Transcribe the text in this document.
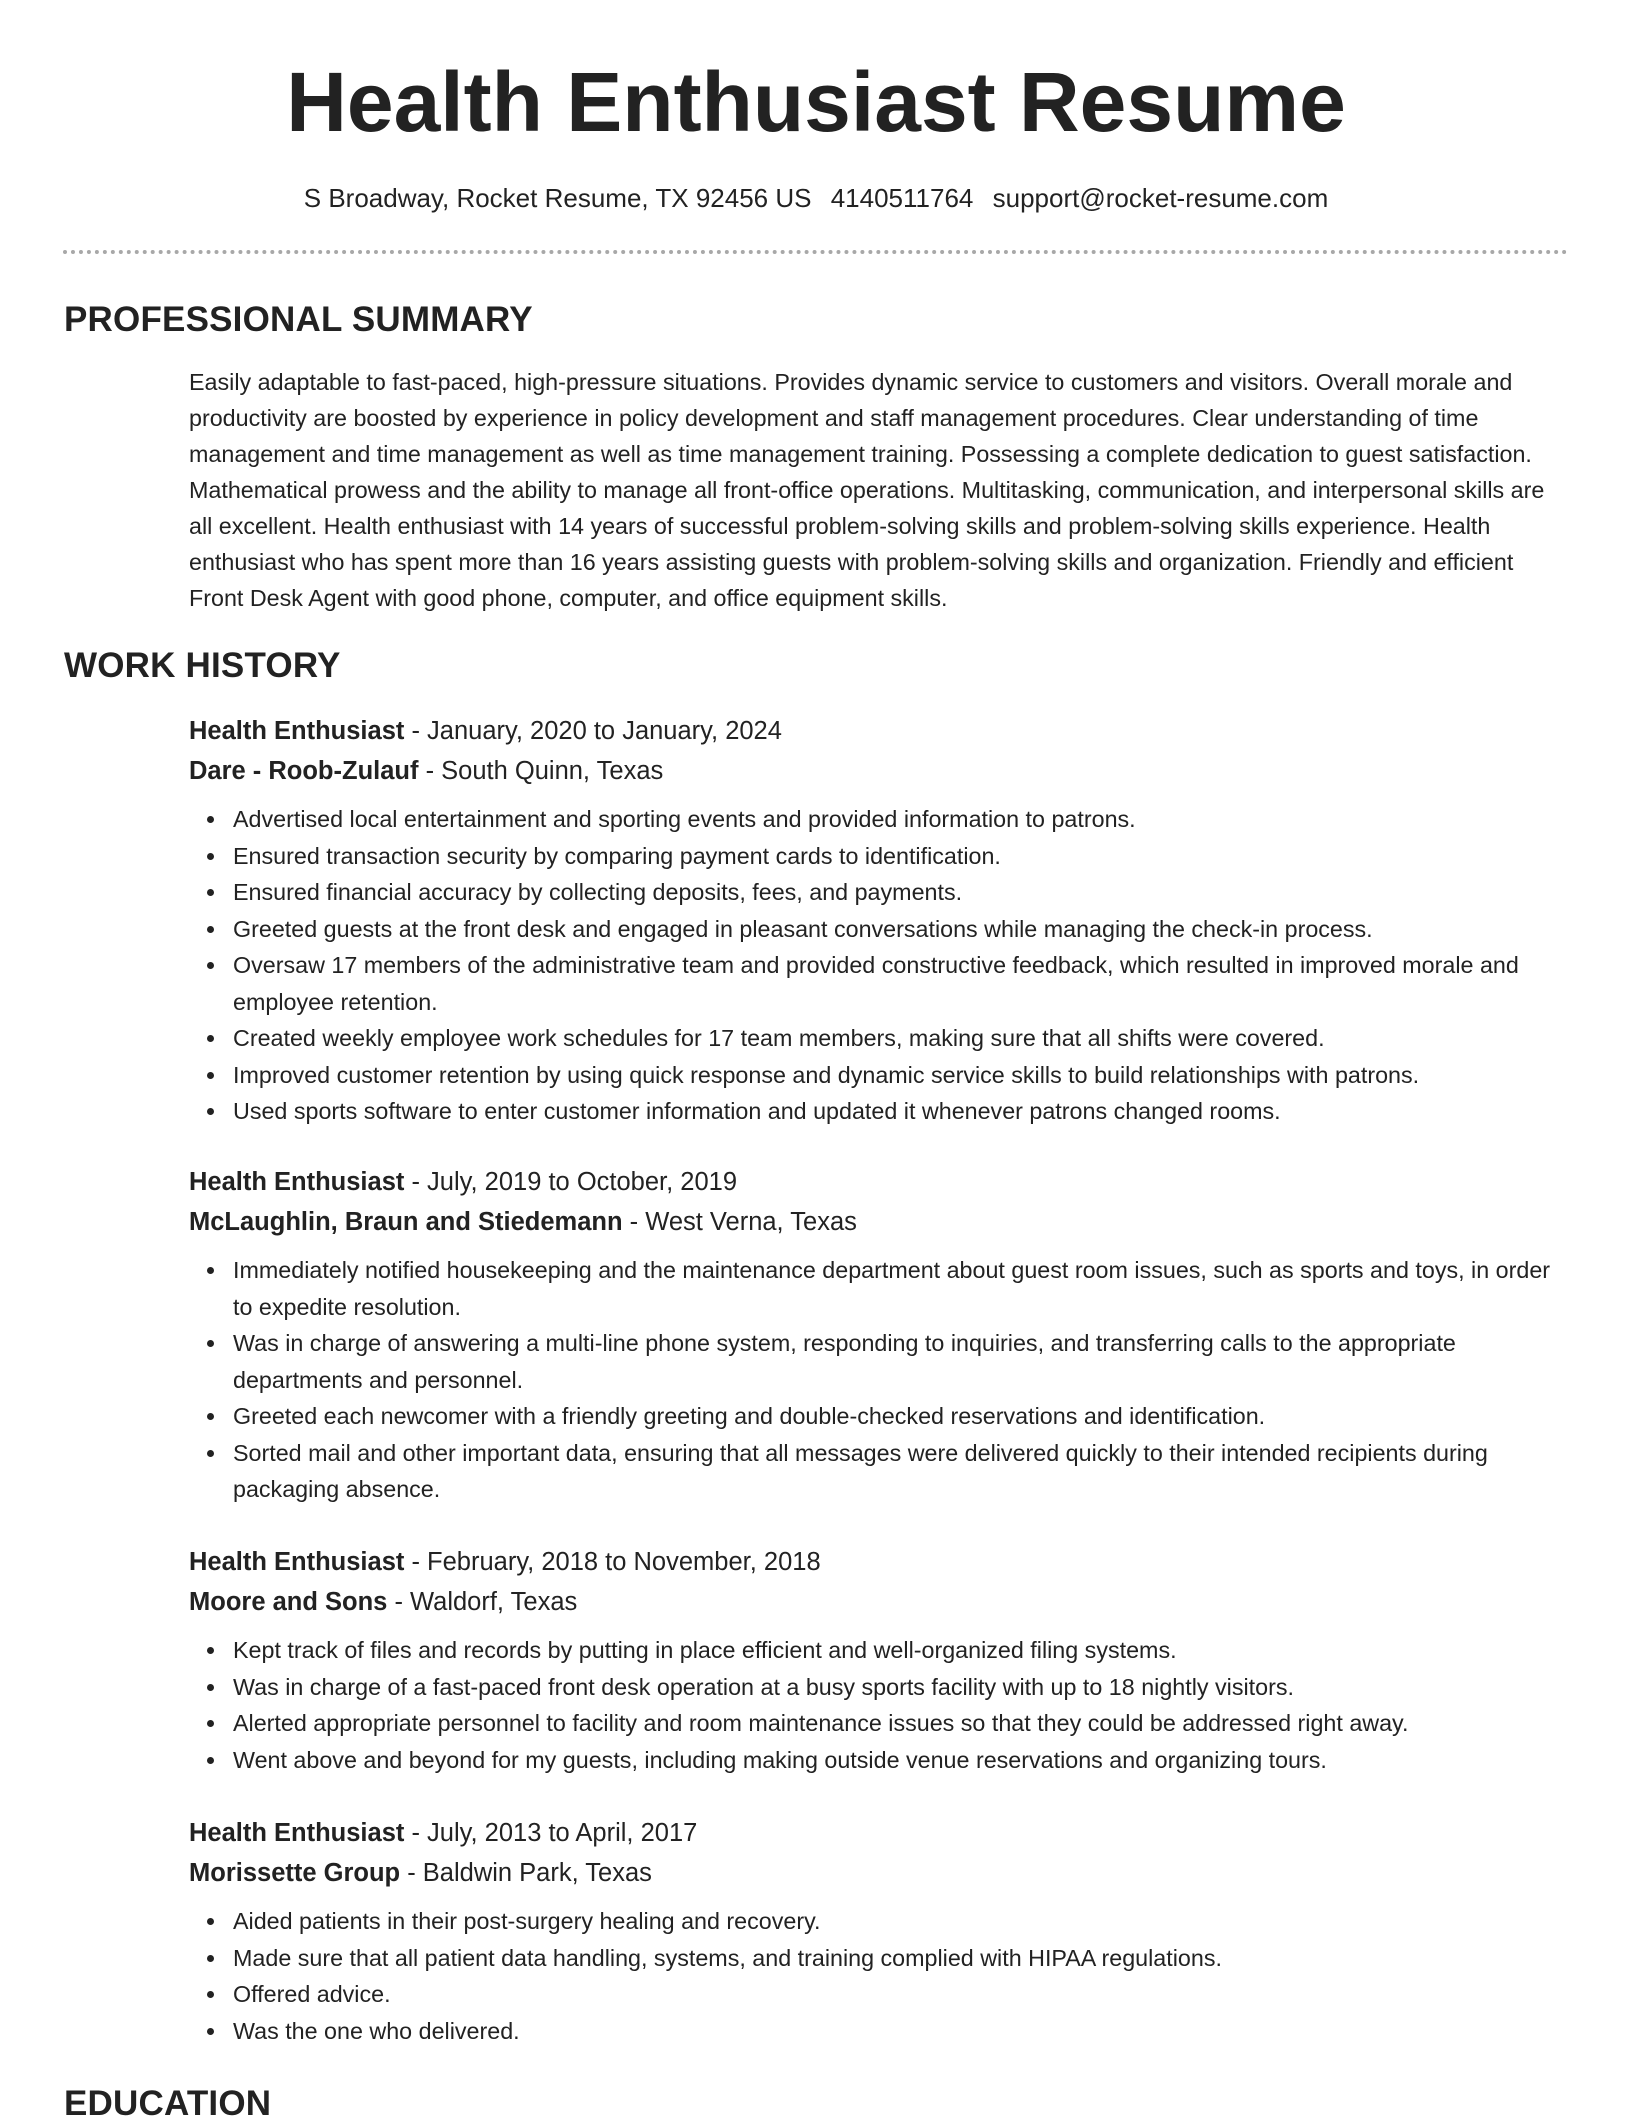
Health Enthusiast Resume
S Broadway, Rocket Resume, TX 92456 US 4140511764 support@rocket-resume.com
PROFESSIONAL SUMMARY

Easily adaptable to fast-paced, high-pressure situations. Provides dynamic service to customers and visitors. Overall morale and productivity are boosted by experience in policy development and staff management procedures. Clear understanding of time management and time management as well as time management training. Possessing a complete dedication to guest satisfaction. Mathematical prowess and the ability to manage all front-office operations. Multitasking, communication, and interpersonal skills are all excellent. Health enthusiast with 14 years of successful problem-solving skills and problem-solving skills experience. Health enthusiast who has spent more than 16 years assisting guests with problem-solving skills and organization. Friendly and efficient Front Desk Agent with good phone, computer, and office equipment skills.

WORK HISTORY

Health Enthusiast - January, 2020 to January, 2024

Dare - Roob-Zulauf - South Quinn, Texas

Advertised local entertainment and sporting events and provided information to patrons.
Ensured transaction security by comparing payment cards to identification.
Ensured financial accuracy by collecting deposits, fees, and payments.
Greeted guests at the front desk and engaged in pleasant conversations while managing the check-in process.
Oversaw 17 members of the administrative team and provided constructive feedback, which resulted in improved morale and employee retention.
Created weekly employee work schedules for 17 team members, making sure that all shifts were covered.
Improved customer retention by using quick response and dynamic service skills to build relationships with patrons.
Used sports software to enter customer information and updated it whenever patrons changed rooms.

Health Enthusiast - July, 2019 to October, 2019

McLaughlin, Braun and Stiedemann - West Verna, Texas

Immediately notified housekeeping and the maintenance department about guest room issues, such as sports and toys, in order to expedite resolution.
Was in charge of answering a multi-line phone system, responding to inquiries, and transferring calls to the appropriate departments and personnel.
Greeted each newcomer with a friendly greeting and double-checked reservations and identification.
Sorted mail and other important data, ensuring that all messages were delivered quickly to their intended recipients during packaging absence.

Health Enthusiast - February, 2018 to November, 2018

Moore and Sons - Waldorf, Texas

Kept track of files and records by putting in place efficient and well-organized filing systems.
Was in charge of a fast-paced front desk operation at a busy sports facility with up to 18 nightly visitors.
Alerted appropriate personnel to facility and room maintenance issues so that they could be addressed right away.
Went above and beyond for my guests, including making outside venue reservations and organizing tours.

Health Enthusiast - July, 2013 to April, 2017

Morissette Group - Baldwin Park, Texas

Aided patients in their post-surgery healing and recovery.
Made sure that all patient data handling, systems, and training complied with HIPAA regulations.
Offered advice.
Was the one who delivered.
EDUCATION
